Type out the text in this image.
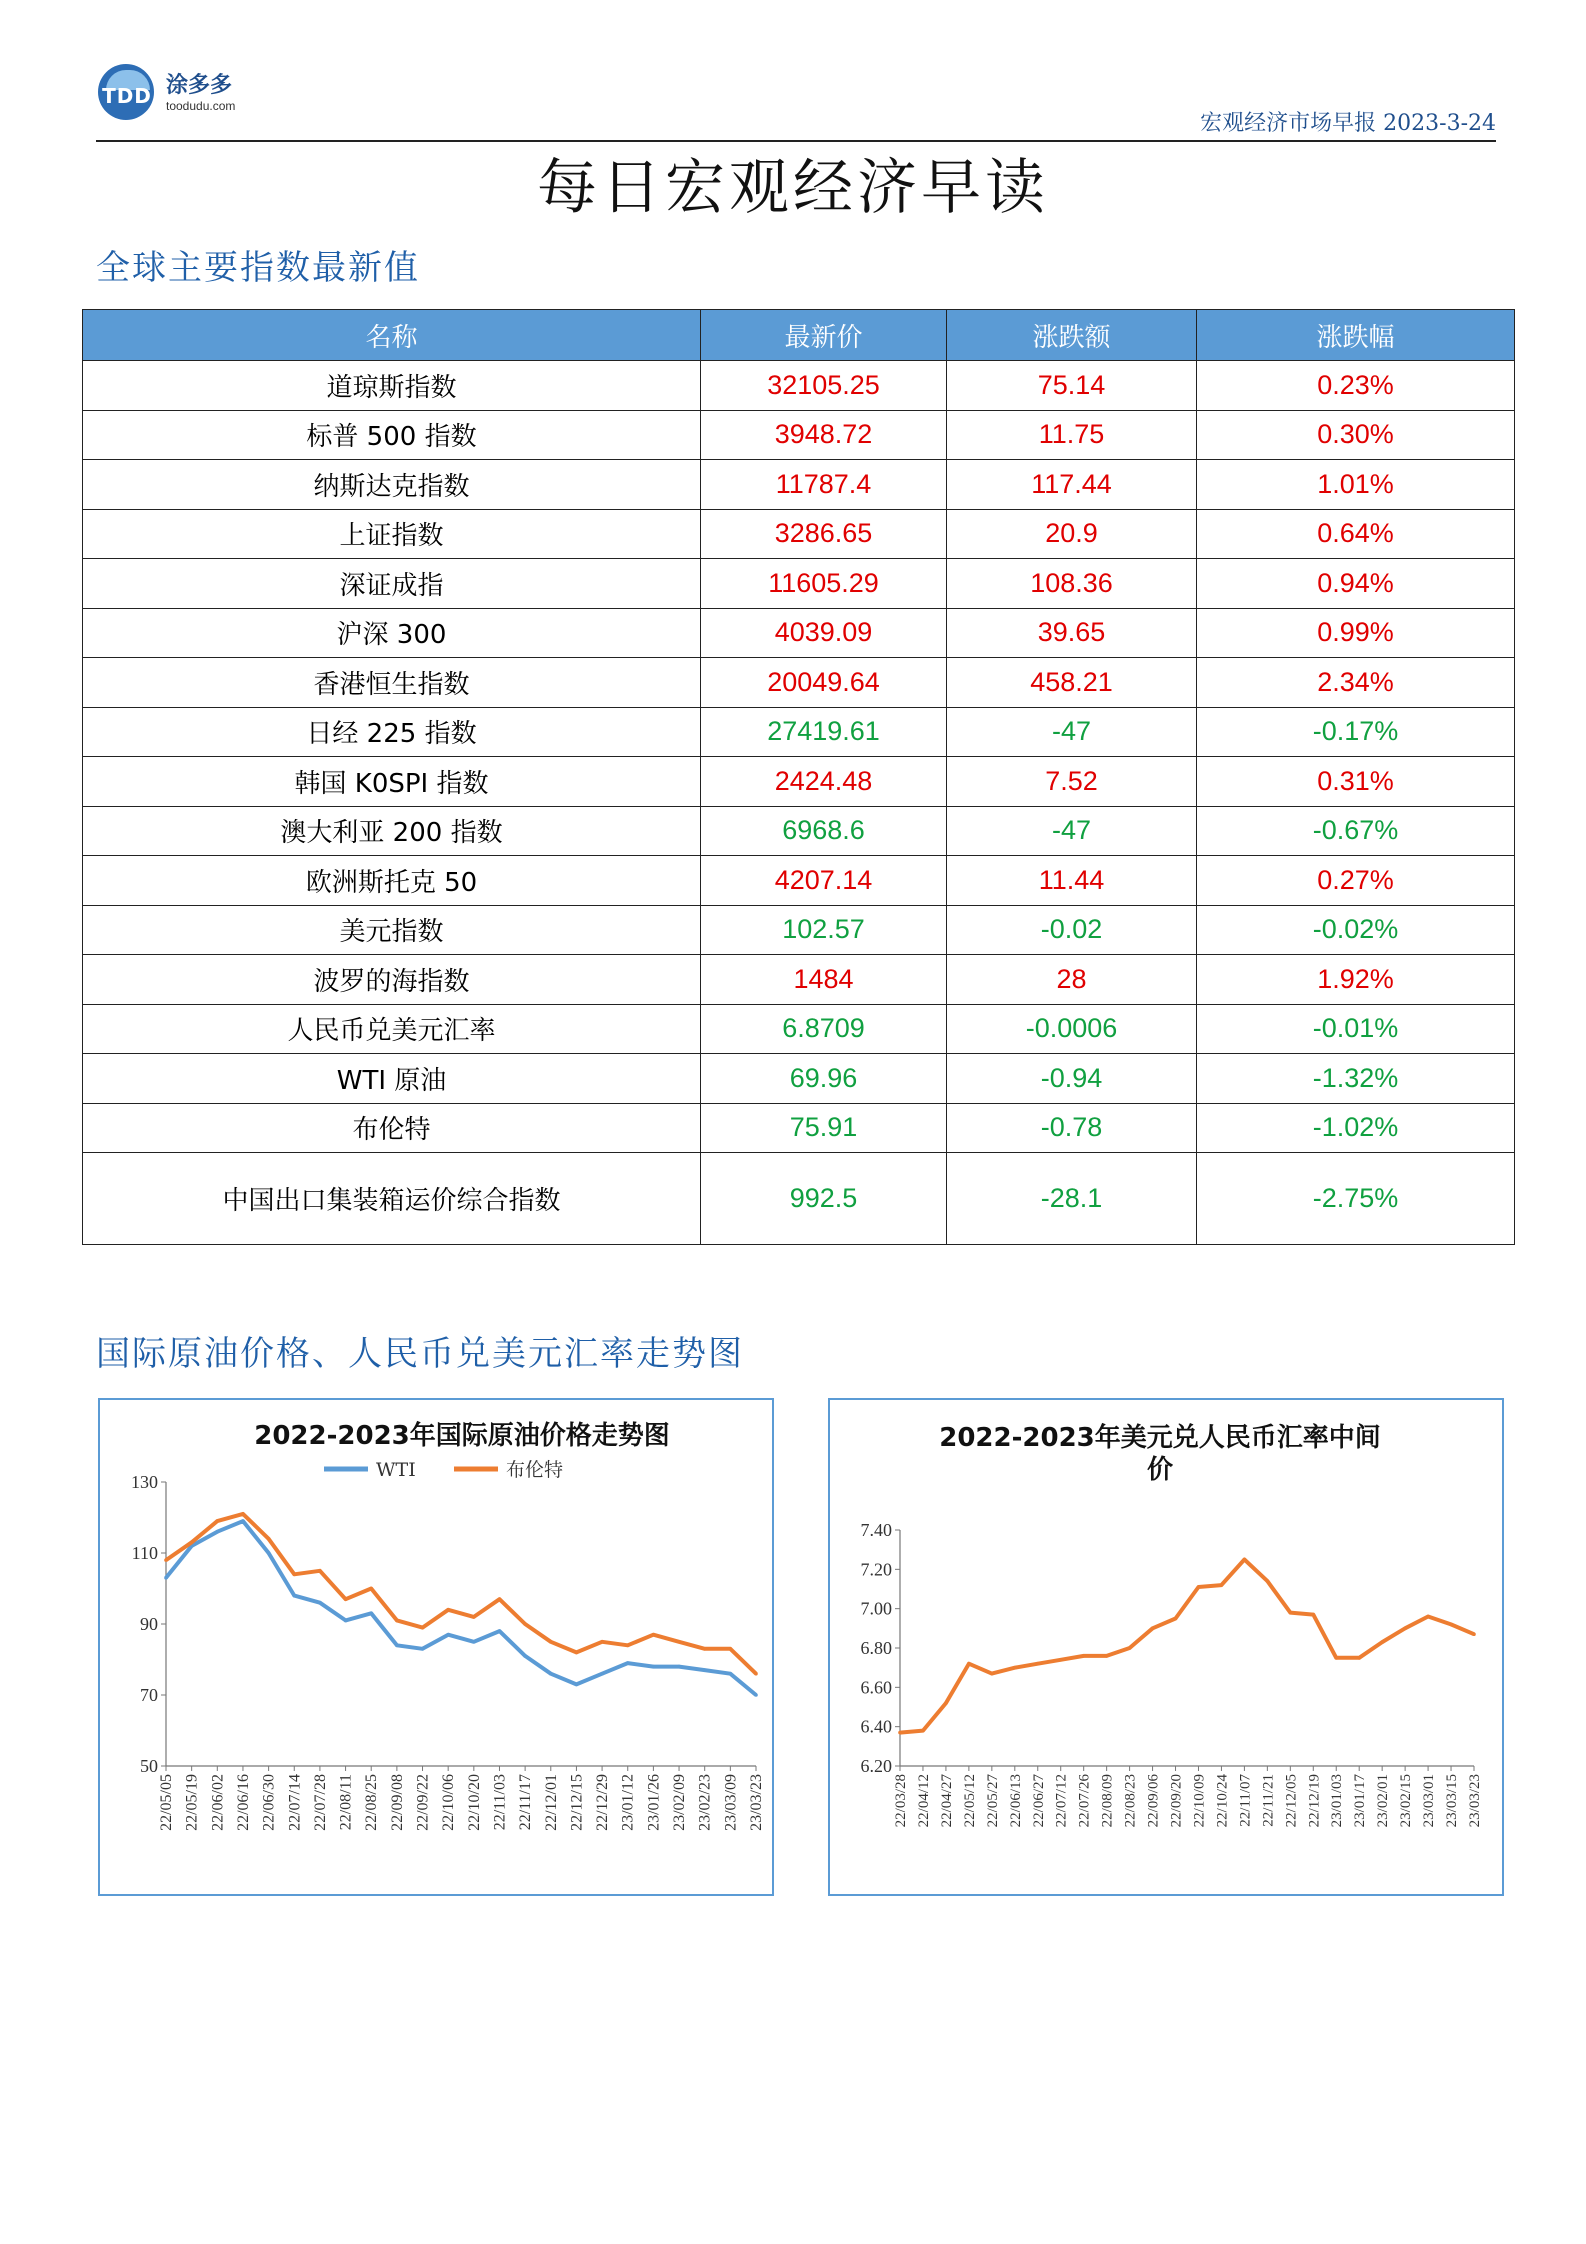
TDD 涂多多
toodudu.com
宏观经济市场早报 2023-3-24
每日宏观经济早读
全球主要指数最新值
名称	最新价	涨跌额	涨跌幅
道琼斯指数	32105.25	75.14	0.23%
标普 500 指数	3948.72	11.75	0.30%
纳斯达克指数	11787.4	117.44	1.01%
上证指数	3286.65	20.9	0.64%
深证成指	11605.29	108.36	0.94%
沪深 300	4039.09	39.65	0.99%
香港恒生指数	20049.64	458.21	2.34%
日经 225 指数	27419.61	-47	-0.17%
韩国 K0SPI 指数	2424.48	7.52	0.31%
澳大利亚 200 指数	6968.6	-47	-0.67%
欧洲斯托克 50	4207.14	11.44	0.27%
美元指数	102.57	-0.02	-0.02%
波罗的海指数	1484	28	1.92%
人民币兑美元汇率	6.8709	-0.0006	-0.01%
WTI 原油	69.96	-0.94	-1.32%
布伦特	75.91	-0.78	-1.02%
中国出口集装箱运价综合指数	992.5	-28.1	-2.75%
国际原油价格、人民币兑美元汇率走势图
2022-2023年国际原油价格走势图
50
70
90
110
130
22/05/05 22/05/19 22/06/02 22/06/16 22/06/30 22/07/14 22/07/28 22/08/11 22/08/25 22/09/08 22/09/22 22/10/06 22/10/20 22/11/03 22/11/17 22/12/01 22/12/15 22/12/29 23/01/12 23/01/26 23/02/09 23/02/23 23/03/09 23/03/23
WTI	布伦特
2022-2023年美元兑人民币汇率中间
价
6.20
6.40
6.60
6.80
7.00
7.20
7.40
22/03/28 22/04/12 22/04/27 22/05/12 22/05/27 22/06/13 22/06/27 22/07/12 22/07/26 22/08/09 22/08/23 22/09/06 22/09/20 22/10/09 22/10/24 22/11/07 22/11/21 22/12/05 22/12/19 23/01/03 23/01/17 23/02/01 23/02/15 23/03/01 23/03/15 23/03/23
